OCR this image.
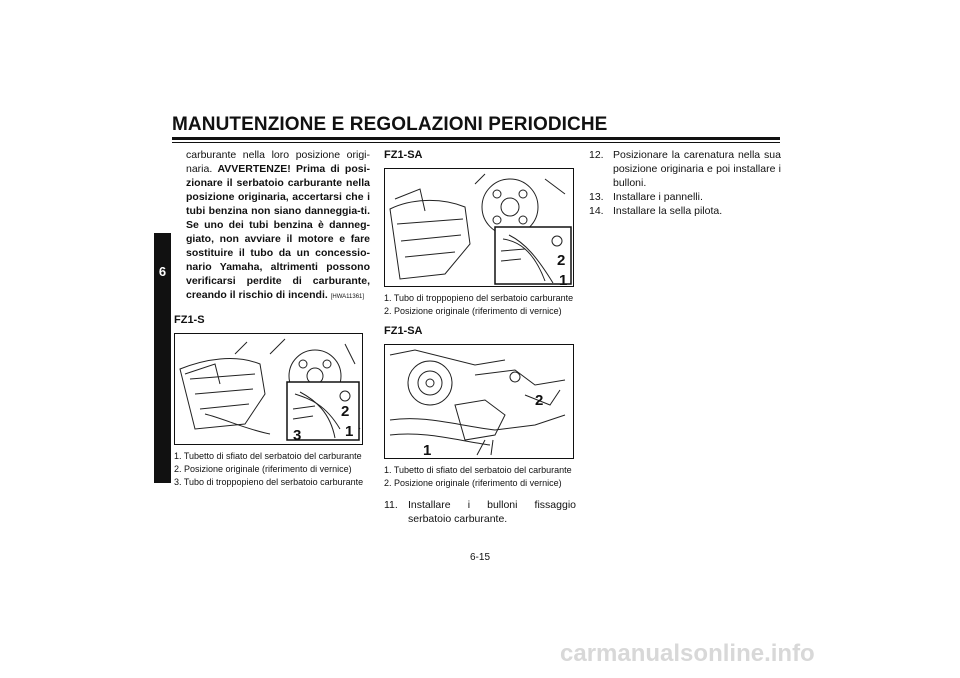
MANUTENZIONE E REGOLAZIONI PERIODICHE
6

carburante nella loro posizione origi-naria. AVVERTENZE! Prima di posi-zionare il serbatoio carburante nella posizione originaria, accertarsi che i tubi benzina non siano danneggia-ti. Se uno dei tubi benzina è danneg-giato, non avviare il motore e fare sostituire il tubo da un concessio-nario Yamaha, altrimenti possono verificarsi perdite di carburante, creando il rischio di incendi. [HWA11361]

FZ1-S

2
1
3
1. Tubetto di sfiato del serbatoio del carburante
2. Posizione originale (riferimento di vernice)
3. Tubo di troppopieno del serbatoio carburante

FZ1-SA

2
1
1. Tubo di troppopieno del serbatoio carburante
2. Posizione originale (riferimento di vernice)

FZ1-SA

2
1
1. Tubetto di sfiato del serbatoio del carburante
2. Posizione originale (riferimento di vernice)
11. Installare i bulloni fissaggio serbatoio carburante.
12. Posizionare la carenatura nella sua posizione originaria e poi installare i bulloni.
13. Installare i pannelli.
14. Installare la sella pilota.
6-15
carmanualsonline.info
